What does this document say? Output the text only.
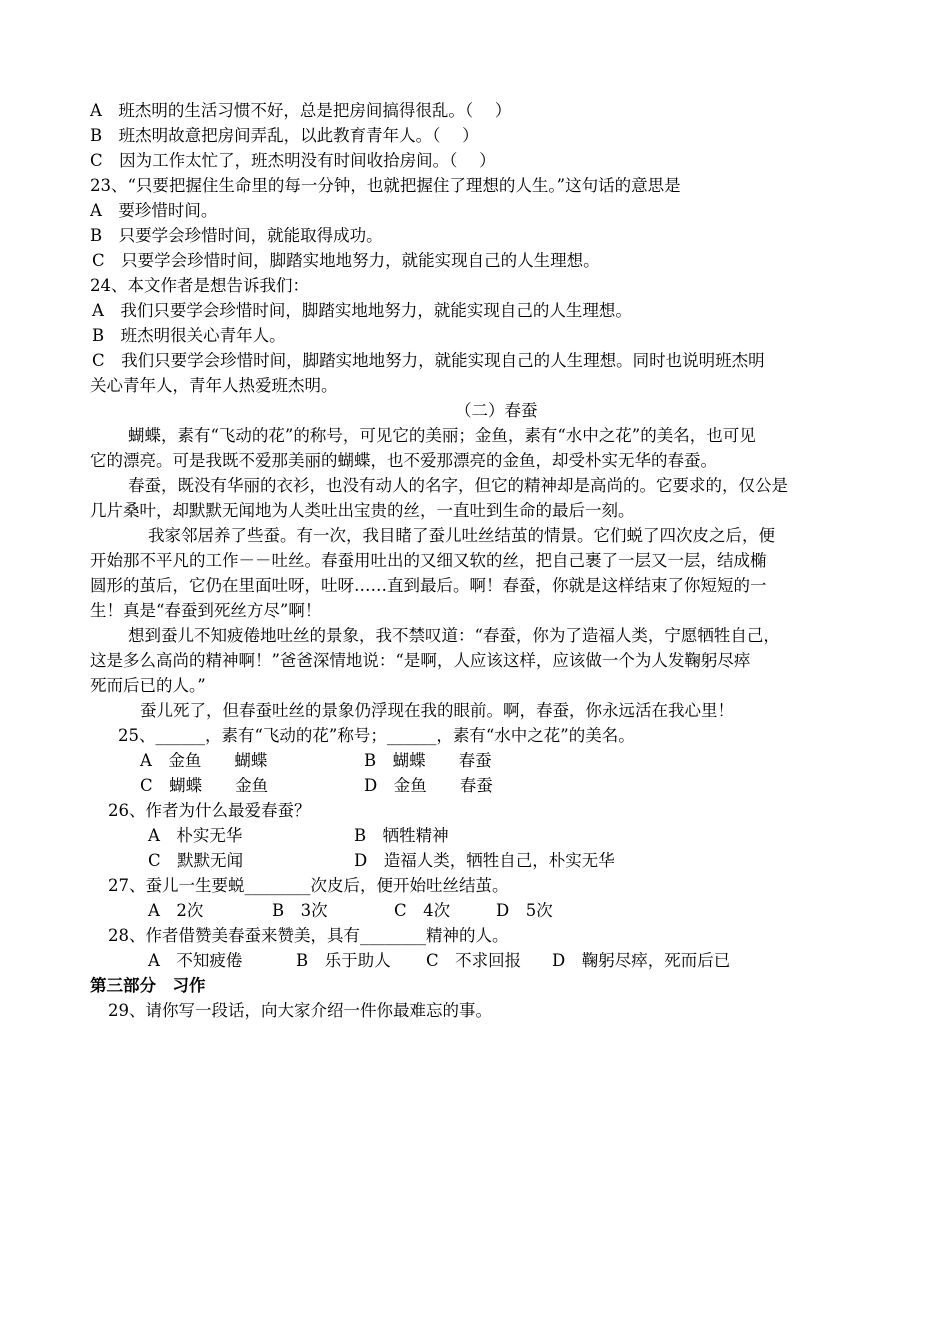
A　班杰明的生活习惯不好，总是把房间搞得很乱。（　 ）
B　班杰明故意把房间弄乱，以此教育青年人。（　 ）
C　因为工作太忙了，班杰明没有时间收拾房间。（　 ）
23、“只要把握住生命里的每一分钟，也就把握住了理想的人生。”这句话的意思是
A　要珍惜时间。
B　只要学会珍惜时间，就能取得成功。
C　只要学会珍惜时间，脚踏实地地努力，就能实现自己的人生理想。
24、本文作者是想告诉我们：
A　我们只要学会珍惜时间，脚踏实地地努力，就能实现自己的人生理想。
B　班杰明很关心青年人。
C　我们只要学会珍惜时间，脚踏实地地努力，就能实现自己的人生理想。同时也说明班杰明
关心青年人，青年人热爱班杰明。
（二）春蚕
蝴蝶，素有“飞动的花”的称号，可见它的美丽；金鱼，素有“水中之花”的美名，也可见
它的漂亮。可是我既不爱那美丽的蝴蝶，也不爱那漂亮的金鱼，却受朴实无华的春蚕。
春蚕，既没有华丽的衣衫，也没有动人的名字，但它的精神却是高尚的。它要求的，仅公是
几片桑叶，却默默无闻地为人类吐出宝贵的丝，一直吐到生命的最后一刻。
我家邻居养了些蚕。有一次，我目睹了蚕儿吐丝结茧的情景。它们蜕了四次皮之后，便
开始那不平凡的工作－－吐丝。春蚕用吐出的又细又软的丝，把自己裹了一层又一层，结成椭
圆形的茧后，它仍在里面吐呀，吐呀……直到最后。啊！春蚕，你就是这样结束了你短短的一
生！真是“春蚕到死丝方尽”啊！
想到蚕儿不知疲倦地吐丝的景象，我不禁叹道：“春蚕，你为了造福人类，宁愿牺牲自己，
这是多么高尚的精神啊！”爸爸深情地说：“是啊，人应该这样，应该做一个为人发鞠躬尽瘁
死而后已的人。”
蚕儿死了，但春蚕吐丝的景象仍浮现在我的眼前。啊，春蚕，你永远活在我心里！
25、______，素有“飞动的花”称号；______，素有“水中之花”的美名。
A　金鱼　　蝴蝶	B　蝴蝶　　春蚕
C　蝴蝶　　金鱼	D　金鱼　　春蚕
26、作者为什么最爱春蚕？
A　朴实无华	B　牺牲精神
C　默默无闻	D　造福人类，牺牲自己，朴实无华
27、蚕儿一生要蜕________次皮后，便开始吐丝结茧。
A　2次	B　3次	C　4次	D　5次
28、作者借赞美春蚕来赞美，具有________精神的人。
A　不知疲倦	B　乐于助人 C　不求回报 D　鞠躬尽瘁，死而后已
第三部分　习作
29、请你写一段话，向大家介绍一件你最难忘的事。
